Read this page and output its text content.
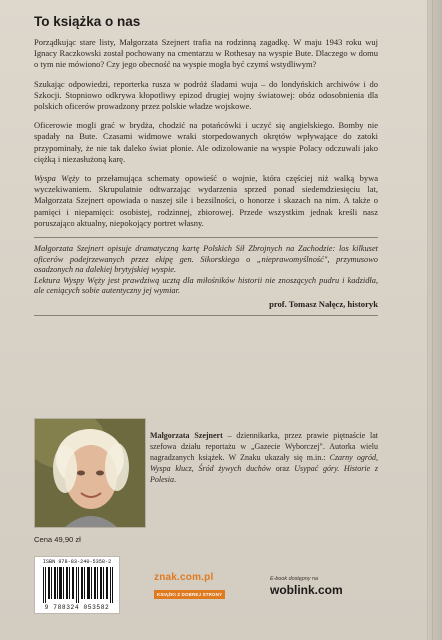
To książka o nas

Porządkując stare listy, Małgorzata Szejnert trafia na rodzinną zagadkę. W maju 1943 roku wuj Ignacy Raczkowski został pochowany na cmentarzu w Rothesay na wyspie Bute. Dlaczego w domu o tym nie mówiono? Czy jego obecność na wyspie mogła być czymś wstydliwym?

Szukając odpowiedzi, reporterka rusza w podróż śladami wuja – do londyńskich archiwów i do Szkocji. Stopniowo odkrywa kłopotliwy epizod drugiej wojny światowej: obóz odosobnienia dla polskich oficerów prowadzony przez polskie władze wojskowe.

Oficerowie mogli grać w brydża, chodzić na potańcówki i uczyć się angielskiego. Bomby nie spadały na Bute. Czasami widmowe wraki storpedowanych okrętów wpływające do zatoki przypominały, że nie tak daleko świat płonie. Ale odizolowanie na wyspie Polacy odczuwali jako ciężką i niezasłużoną karę.

Wyspa Węży to przełamująca schematy opowieść o wojnie, która częściej niż walką bywa wyczekiwaniem. Skrupulatnie odtwarzając wydarzenia sprzed ponad siedemdziesięciu lat, Małgorzata Szejnert opowiada o naszej sile i bezsilności, o honorze i skazach na nim. A także o pamięci i niepamięci: osobistej, rodzinnej, zbiorowej. Przede wszystkim jednak kreśli nasz poruszająco aktualny, niepokojący portret własny.

Małgorzata Szejnert opisuje dramatyczną kartę Polskich Sił Zbrojnych na Zachodzie: los kilkuset oficerów podejrzewanych przez ekipę gen. Sikorskiego o „nieprawomyślność", przymusowo osadzonych na dalekiej brytyjskiej wyspie.

Lektura Wyspy Węży jest prawdziwą ucztą dla miłośników historii nie znoszących pudru i kadzidła, ale ceniących sobie autentyczny jej wymiar.

prof. Tomasz Nałęcz, historyk

Małgorzata Szejnert – dziennikarka, przez prawie piętnaście lat szefowa działu reportażu w „Gazecie Wyborczej". Autorka wielu nagradzanych książek. W Znaku ukazały się m.in.: Czarny ogród, Wyspa klucz, Śród żywych duchów oraz Usypać góry. Historie z Polesia.
Cena 49,90 zł
ISBN 978-83-240-5358-2
9 788324 053582
znak.com.pl
KSIĄŻKI Z DOBREJ STRONY
E-book dostępny na
woblink.com
